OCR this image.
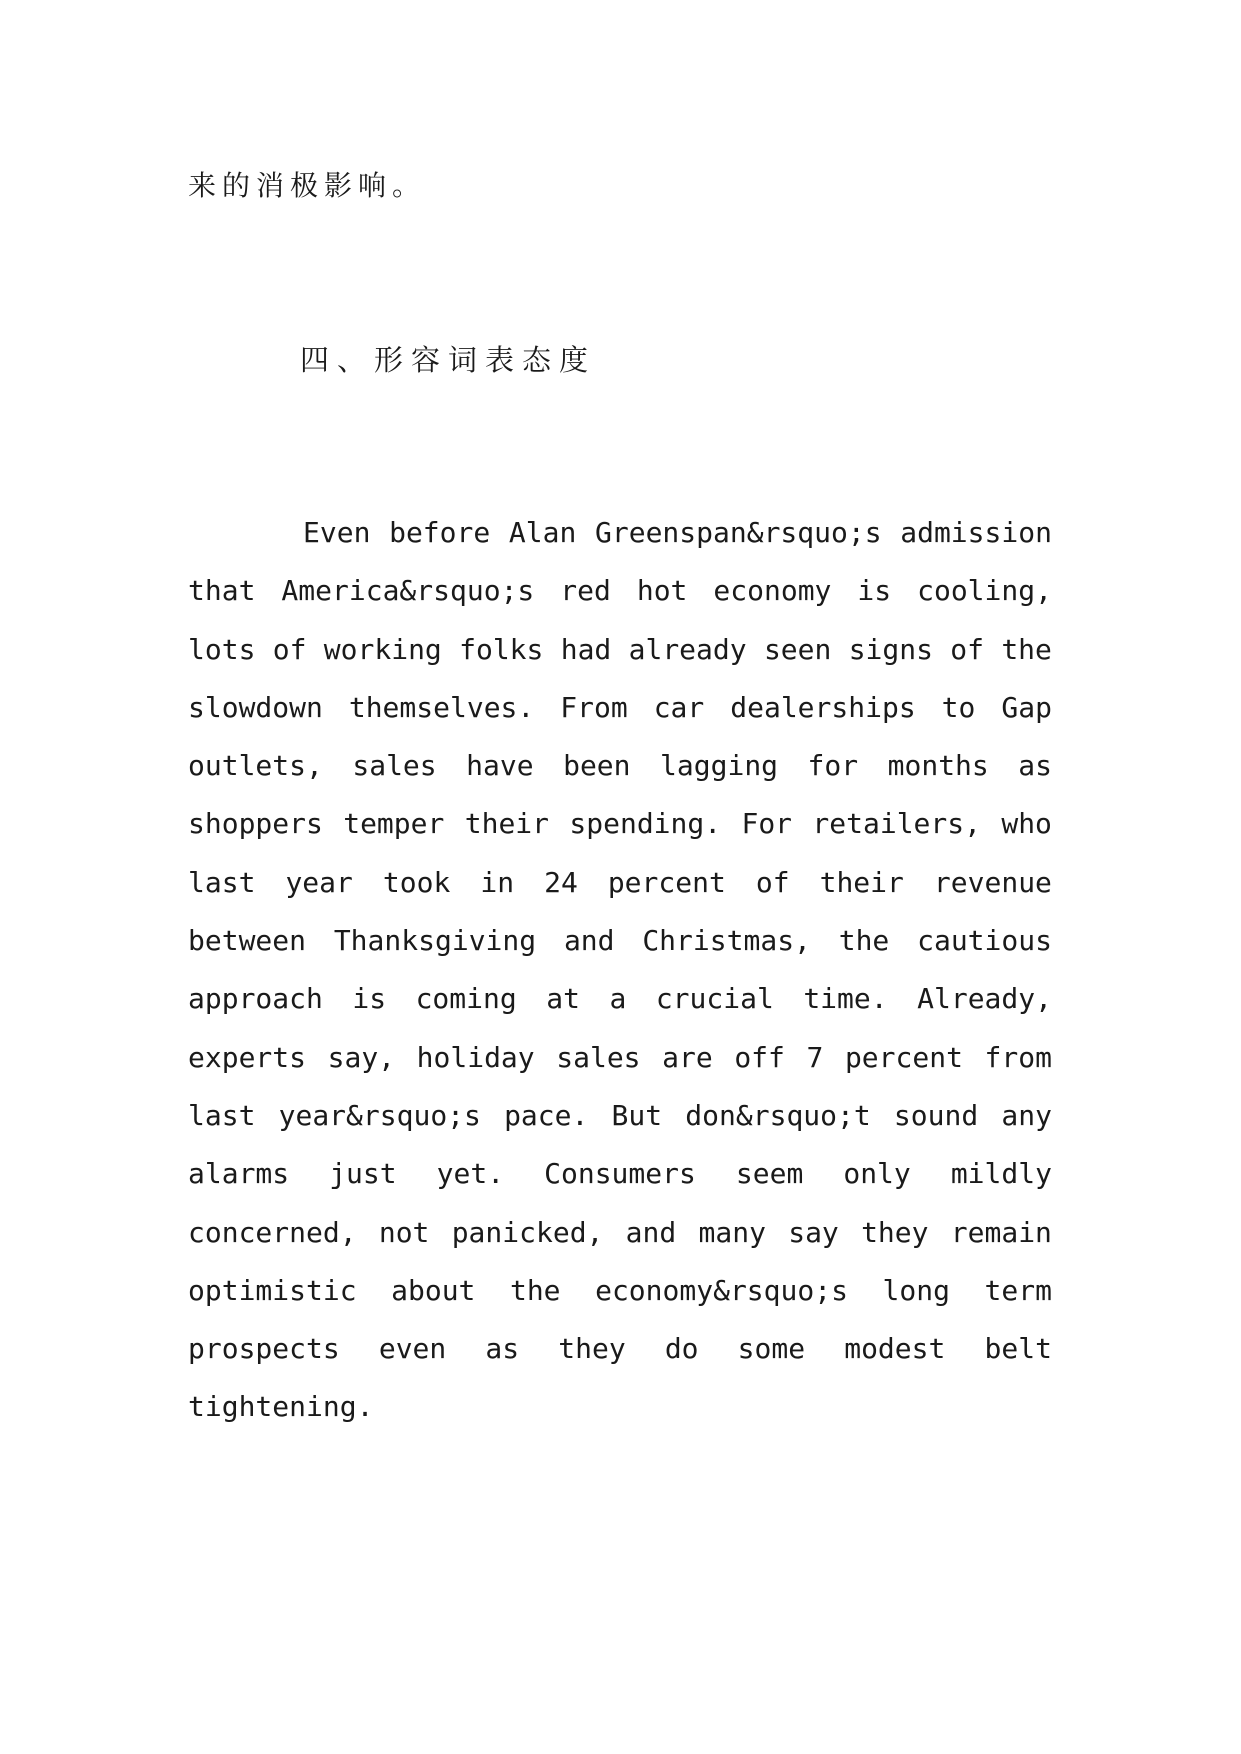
来的消极影响。
四、形容词表态度
Even before Alan Greenspan&rsquo;s admission
that America&rsquo;s red hot economy is cooling,
lots of working folks had already seen signs of the
slowdown themselves. From car dealerships to Gap
outlets, sales have been lagging for months as
shoppers temper their spending. For retailers, who
last year took in 24 percent of their revenue
between Thanksgiving and Christmas, the cautious
approach is coming at a crucial time. Already,
experts say, holiday sales are off 7 percent from
last year&rsquo;s pace. But don&rsquo;t sound any
alarms just yet. Consumers seem only mildly
concerned, not panicked, and many say they remain
optimistic about the economy&rsquo;s long term
prospects even as they do some modest belt
tightening.
